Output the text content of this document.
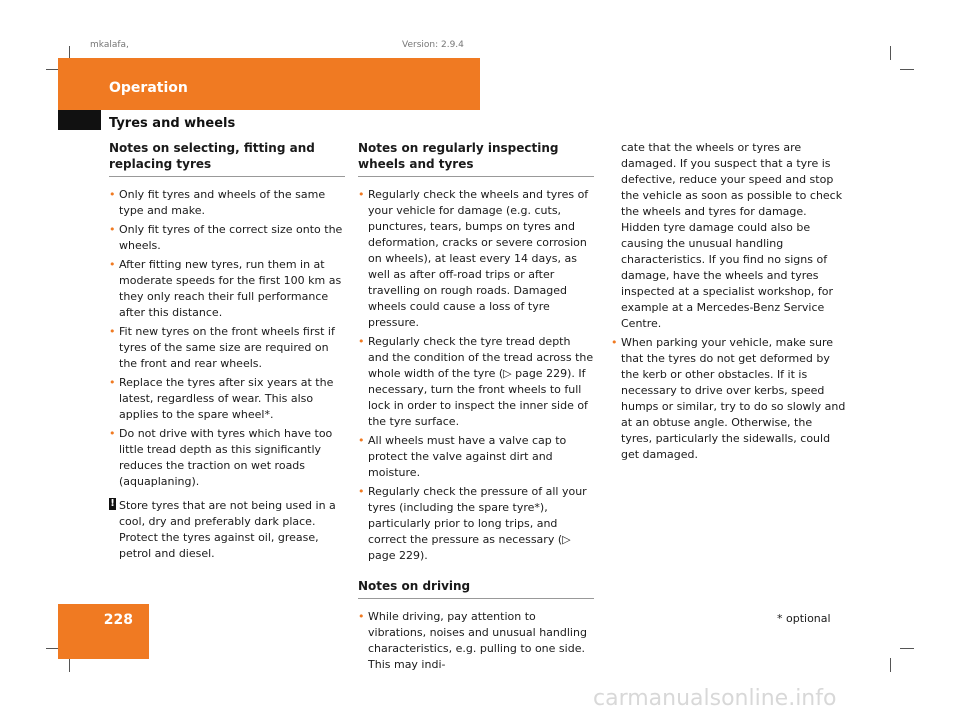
mkalafa,	Version: 2.9.4
Operation
Tyres and wheels
Notes on selecting, fitting and replacing tyres
• Only fit tyres and wheels of the same type and make.
• Only fit tyres of the correct size onto the wheels.
• After fitting new tyres, run them in at moderate speeds for the first 100 km as they only reach their full performance after this distance.
• Fit new tyres on the front wheels first if tyres of the same size are required on the front and rear wheels.
• Replace the tyres after six years at the latest, regardless of wear. This also applies to the spare wheel*.
• Do not drive with tyres which have too little tread depth as this significantly reduces the traction on wet roads (aquaplaning).
! Store tyres that are not being used in a cool, dry and preferably dark place. Protect the tyres against oil, grease, petrol and diesel.
Notes on regularly inspecting wheels and tyres
• Regularly check the wheels and tyres of your vehicle for damage (e.g. cuts, punctures, tears, bumps on tyres and deformation, cracks or severe corrosion on wheels), at least every 14 days, as well as after off-road trips or after travelling on rough roads. Damaged wheels could cause a loss of tyre pressure.
• Regularly check the tyre tread depth and the condition of the tread across the whole width of the tyre (▷ page 229). If necessary, turn the front wheels to full lock in order to inspect the inner side of the tyre surface.
• All wheels must have a valve cap to protect the valve against dirt and moisture.
• Regularly check the pressure of all your tyres (including the spare tyre*), particularly prior to long trips, and correct the pressure as necessary (▷ page 229).
Notes on driving
• While driving, pay attention to vibrations, noises and unusual handling characteristics, e.g. pulling to one side. This may indi-
cate that the wheels or tyres are damaged. If you suspect that a tyre is defective, reduce your speed and stop the vehicle as soon as possible to check the wheels and tyres for damage. Hidden tyre damage could also be causing the unusual handling characteristics. If you find no signs of damage, have the wheels and tyres inspected at a specialist workshop, for example at a Mercedes-Benz Service Centre.
• When parking your vehicle, make sure that the tyres do not get deformed by the kerb or other obstacles. If it is necessary to drive over kerbs, speed humps or similar, try to do so slowly and at an obtuse angle. Otherwise, the tyres, particularly the sidewalls, could get damaged.
228	* optional
carmanualsonline.info
